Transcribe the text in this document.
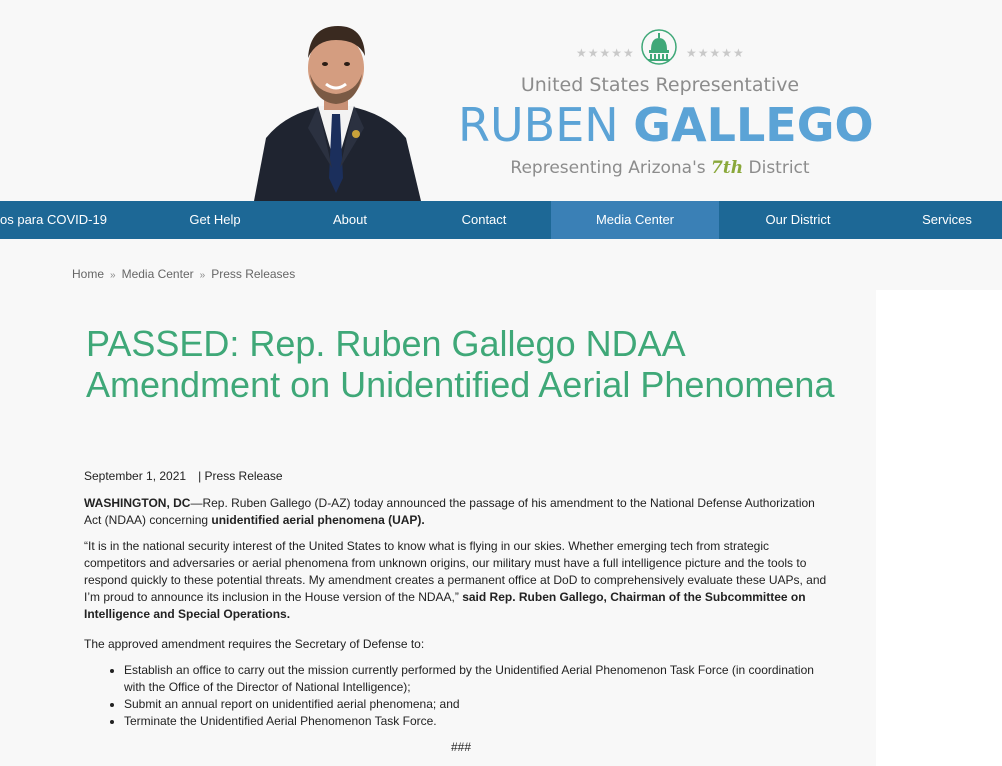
★★★★★	★★★★★
United States Representative
RUBEN GALLEGO
Representing Arizona's 7th District
os para COVID-19	Get Help	About	Contact	Media Center	Our District	Services
Home » Media Center » Press Releases
PASSED: Rep. Ruben Gallego NDAA Amendment on Unidentified Aerial Phenomena
September 1, 2021 | Press Release

WASHINGTON, DC—Rep. Ruben Gallego (D-AZ) today announced the passage of his amendment to the National Defense Authorization Act (NDAA) concerning unidentified aerial phenomena (UAP).

“It is in the national security interest of the United States to know what is flying in our skies. Whether emerging tech from strategic competitors and adversaries or aerial phenomena from unknown origins, our military must have a full intelligence picture and the tools to respond quickly to these potential threats. My amendment creates a permanent office at DoD to comprehensively evaluate these UAPs, and I’m proud to announce its inclusion in the House version of the NDAA,” said Rep. Ruben Gallego, Chairman of the Subcommittee on Intelligence and Special Operations.

The approved amendment requires the Secretary of Defense to:

• Establish an office to carry out the mission currently performed by the Unidentified Aerial Phenomenon Task Force (in coordination with the Office of the Director of National Intelligence);
• Submit an annual report on unidentified aerial phenomena; and
• Terminate the Unidentified Aerial Phenomenon Task Force.
###
